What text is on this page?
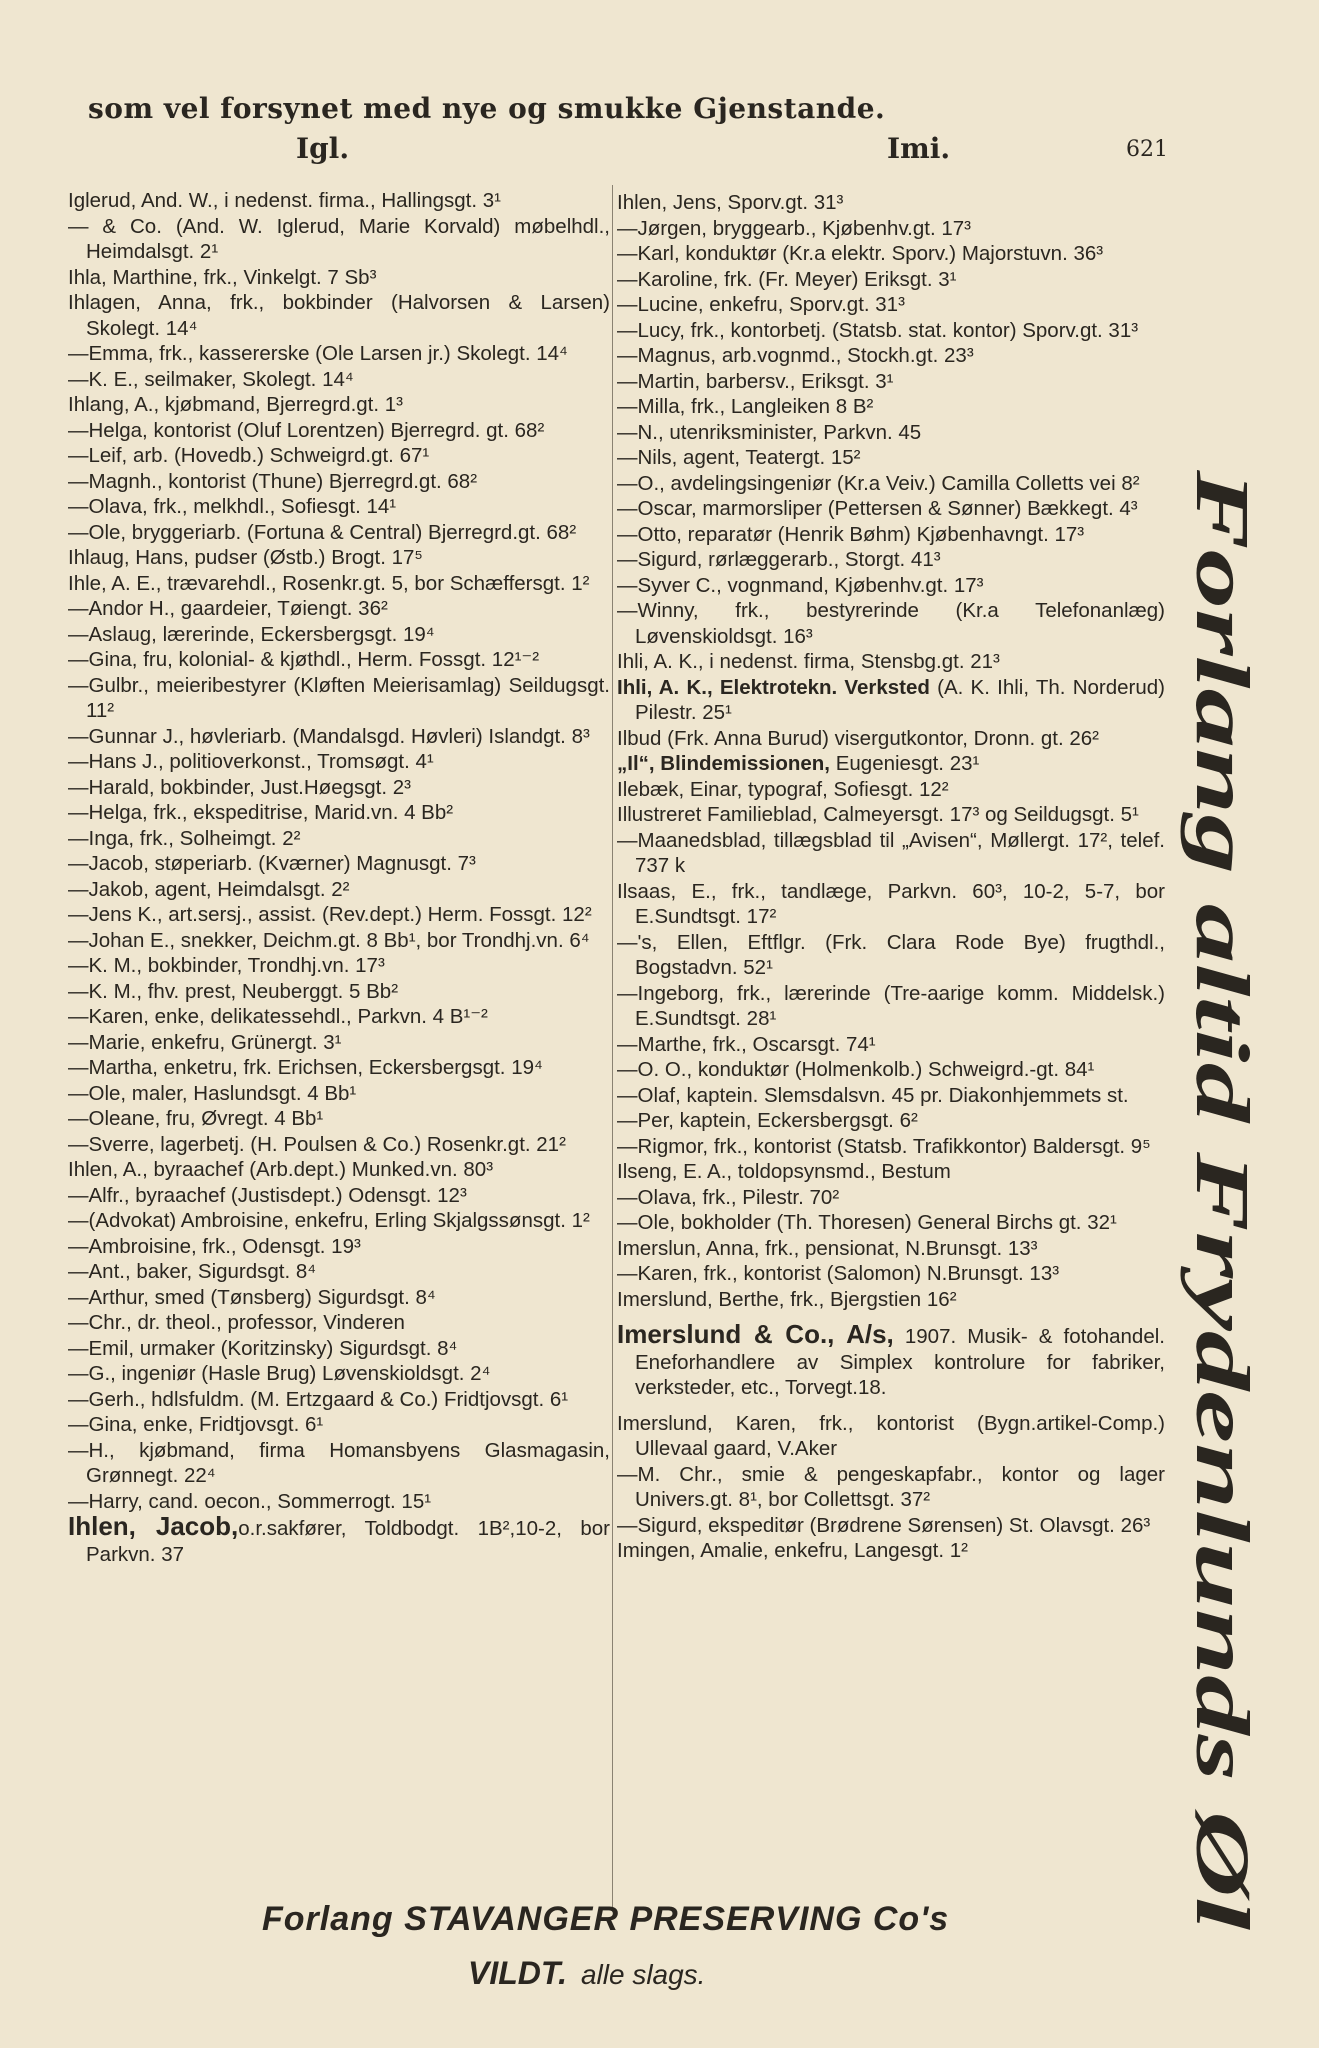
som vel forsynet med nye og smukke Gjenstande.
Igl.	Imi.	621

Iglerud, And. W., i nedenst. firma., Hallingsgt. 3¹

— & Co. (And. W. Iglerud, Marie Korvald) møbelhdl., Heimdalsgt. 2¹

Ihla, Marthine, frk., Vinkelgt. 7 Sb³

Ihlagen, Anna, frk., bokbinder (Halvorsen & Larsen) Skolegt. 14⁴

—Emma, frk., kassererske (Ole Larsen jr.) Skolegt. 14⁴

—K. E., seilmaker, Skolegt. 14⁴

Ihlang, A., kjøbmand, Bjerregrd.gt. 1³

—Helga, kontorist (Oluf Lorentzen) Bjerregrd. gt. 68²

—Leif, arb. (Hovedb.) Schweigrd.gt. 67¹

—Magnh., kontorist (Thune) Bjerregrd.gt. 68²

—Olava, frk., melkhdl., Sofiesgt. 14¹

—Ole, bryggeriarb. (Fortuna & Central) Bjerregrd.gt. 68²

Ihlaug, Hans, pudser (Østb.) Brogt. 17⁵

Ihle, A. E., trævarehdl., Rosenkr.gt. 5, bor Schæffersgt. 1²

—Andor H., gaardeier, Tøiengt. 36²

—Aslaug, lærerinde, Eckersbergsgt. 19⁴

—Gina, fru, kolonial- & kjøthdl., Herm. Fossgt. 12¹⁻²

—Gulbr., meieribestyrer (Kløften Meierisamlag) Seildugsgt. 11²

—Gunnar J., høvleriarb. (Mandalsgd. Høvleri) Islandgt. 8³

—Hans J., politioverkonst., Tromsøgt. 4¹

—Harald, bokbinder, Just.Høegsgt. 2³

—Helga, frk., ekspeditrise, Marid.vn. 4 Bb²

—Inga, frk., Solheimgt. 2²

—Jacob, støperiarb. (Kværner) Magnusgt. 7³

—Jakob, agent, Heimdalsgt. 2²

—Jens K., art.sersj., assist. (Rev.dept.) Herm. Fossgt. 12²

—Johan E., snekker, Deichm.gt. 8 Bb¹, bor Trondhj.vn. 6⁴

—K. M., bokbinder, Trondhj.vn. 17³

—K. M., fhv. prest, Neuberggt. 5 Bb²

—Karen, enke, delikatessehdl., Parkvn. 4 B¹⁻²

—Marie, enkefru, Grünergt. 3¹

—Martha, enketru, frk. Erichsen, Eckersbergsgt. 19⁴

—Ole, maler, Haslundsgt. 4 Bb¹

—Oleane, fru, Øvregt. 4 Bb¹

—Sverre, lagerbetj. (H. Poulsen & Co.) Rosenkr.gt. 21²

Ihlen, A., byraachef (Arb.dept.) Munked.vn. 80³

—Alfr., byraachef (Justisdept.) Odensgt. 12³

—(Advokat) Ambroisine, enkefru, Erling Skjalgssønsgt. 1²

—Ambroisine, frk., Odensgt. 19³

—Ant., baker, Sigurdsgt. 8⁴

—Arthur, smed (Tønsberg) Sigurdsgt. 8⁴

—Chr., dr. theol., professor, Vinderen

—Emil, urmaker (Koritzinsky) Sigurdsgt. 8⁴

—G., ingeniør (Hasle Brug) Løvenskioldsgt. 2⁴

—Gerh., hdlsfuldm. (M. Ertzgaard & Co.) Fridtjovsgt. 6¹

—Gina, enke, Fridtjovsgt. 6¹

—H., kjøbmand, firma Homansbyens Glasmagasin, Grønnegt. 22⁴

—Harry, cand. oecon., Sommerrogt. 15¹

Ihlen, Jacob,o.r.sakfører, Toldbodgt. 1B²,10-2, bor Parkvn. 37

Ihlen, Jens, Sporv.gt. 31³

—Jørgen, bryggearb., Kjøbenhv.gt. 17³

—Karl, konduktør (Kr.a elektr. Sporv.) Majorstuvn. 36³

—Karoline, frk. (Fr. Meyer) Eriksgt. 3¹

—Lucine, enkefru, Sporv.gt. 31³

—Lucy, frk., kontorbetj. (Statsb. stat. kontor) Sporv.gt. 31³

—Magnus, arb.vognmd., Stockh.gt. 23³

—Martin, barbersv., Eriksgt. 3¹

—Milla, frk., Langleiken 8 B²

—N., utenriksminister, Parkvn. 45

—Nils, agent, Teatergt. 15²

—O., avdelingsingeniør (Kr.a Veiv.) Camilla Colletts vei 8²

—Oscar, marmorsliper (Pettersen & Sønner) Bækkegt. 4³

—Otto, reparatør (Henrik Bøhm) Kjøbenhavngt. 17³

—Sigurd, rørlæggerarb., Storgt. 41³

—Syver C., vognmand, Kjøbenhv.gt. 17³

—Winny, frk., bestyrerinde (Kr.a Telefonanlæg) Løvenskioldsgt. 16³

Ihli, A. K., i nedenst. firma, Stensbg.gt. 21³

Ihli, A. K., Elektrotekn. Verksted (A. K. Ihli, Th. Norderud) Pilestr. 25¹

Ilbud (Frk. Anna Burud) visergutkontor, Dronn. gt. 26²

„Il“, Blindemissionen, Eugeniesgt. 23¹

Ilebæk, Einar, typograf, Sofiesgt. 12²

Illustreret Familieblad, Calmeyersgt. 17³ og Seildugsgt. 5¹

—Maanedsblad, tillægsblad til „Avisen“, Møllergt. 17², telef. 737 k

Ilsaas, E., frk., tandlæge, Parkvn. 60³, 10-2, 5-7, bor E.Sundtsgt. 17²

—'s, Ellen, Eftflgr. (Frk. Clara Rode Bye) frugthdl., Bogstadvn. 52¹

—Ingeborg, frk., lærerinde (Tre-aarige komm. Middelsk.) E.Sundtsgt. 28¹

—Marthe, frk., Oscarsgt. 74¹

—O. O., konduktør (Holmenkolb.) Schweigrd.-gt. 84¹

—Olaf, kaptein. Slemsdalsvn. 45 pr. Diakonhjemmets st.

—Per, kaptein, Eckersbergsgt. 6²

—Rigmor, frk., kontorist (Statsb. Trafikkontor) Baldersgt. 9⁵

Ilseng, E. A., toldopsynsmd., Bestum

—Olava, frk., Pilestr. 70²

—Ole, bokholder (Th. Thoresen) General Birchs gt. 32¹

Imerslun, Anna, frk., pensionat, N.Brunsgt. 13³

—Karen, frk., kontorist (Salomon) N.Brunsgt. 13³

Imerslund, Berthe, frk., Bjergstien 16²

Imerslund & Co., A/s, 1907. Musik- & fotohandel. Eneforhandlere av Simplex kontrolure for fabriker, verksteder, etc., Torvegt.18.

Imerslund, Karen, frk., kontorist (Bygn.artikel-Comp.) Ullevaal gaard, V.Aker

—M. Chr., smie & pengeskapfabr., kontor og lager Univers.gt. 8¹, bor Collettsgt. 37²

—Sigurd, ekspeditør (Brødrene Sørensen) St. Olavsgt. 26³

Imingen, Amalie, enkefru, Langesgt. 1²

Forlang altid Frydenlunds Øl
Forlang STAVANGER PRESERVING Co's
VILDT. alle slags.
